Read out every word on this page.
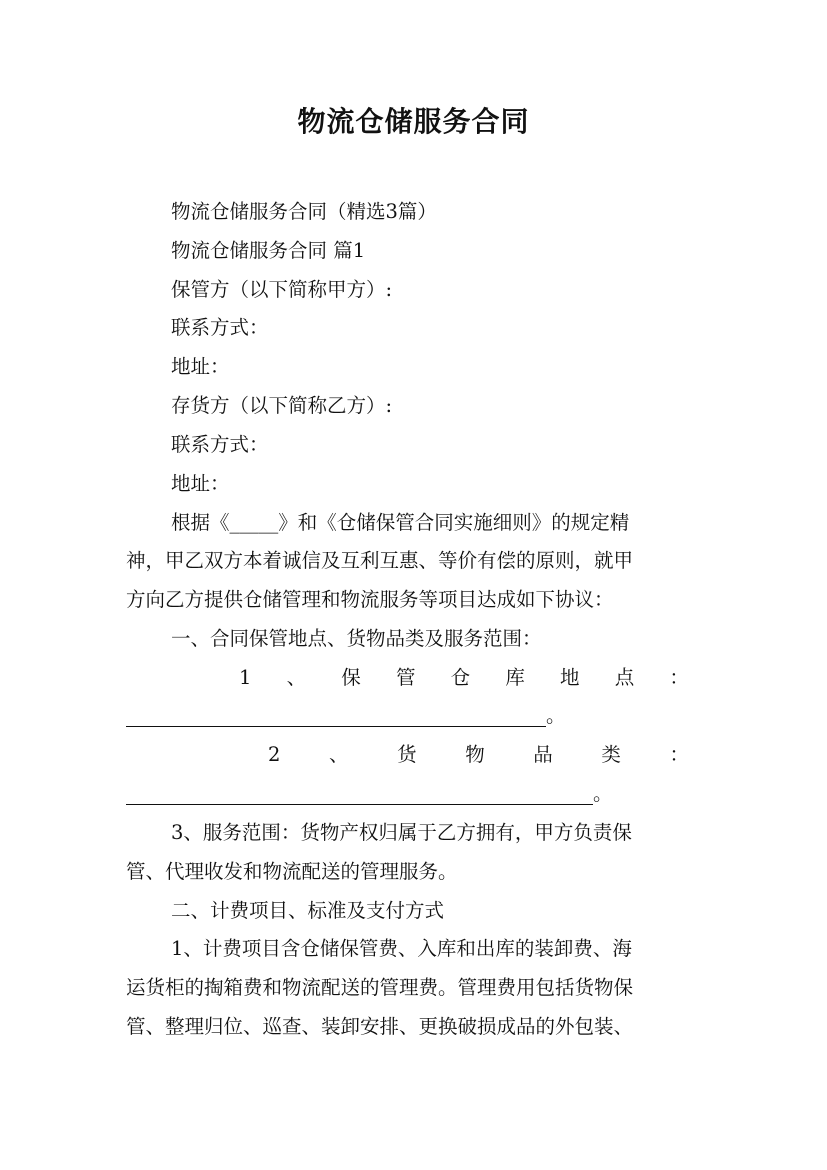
物流仓储服务合同
物流仓储服务合同（精选3篇）
物流仓储服务合同 篇1
保管方（以下简称甲方）:
联系方式：
地址：
存货方（以下简称乙方）:
联系方式：
地址：
根据《_____》和《仓储保管合同实施细则》的规定精
神，甲乙双方本着诚信及互利互惠、等价有偿的原则，就甲
方向乙方提供仓储管理和物流服务等项目达成如下协议：
一、合同保管地点、货物品类及服务范围：
1 、 保 管 仓 库 地 点 ：
。
2 、 货 物 品 类 ：
。
3、服务范围：货物产权归属于乙方拥有，甲方负责保
管、代理收发和物流配送的管理服务。
二、计费项目、标准及支付方式
1、计费项目含仓储保管费、入库和出库的装卸费、海
运货柜的掏箱费和物流配送的管理费。管理费用包括货物保
管、整理归位、巡查、装卸安排、更换破损成品的外包装、
